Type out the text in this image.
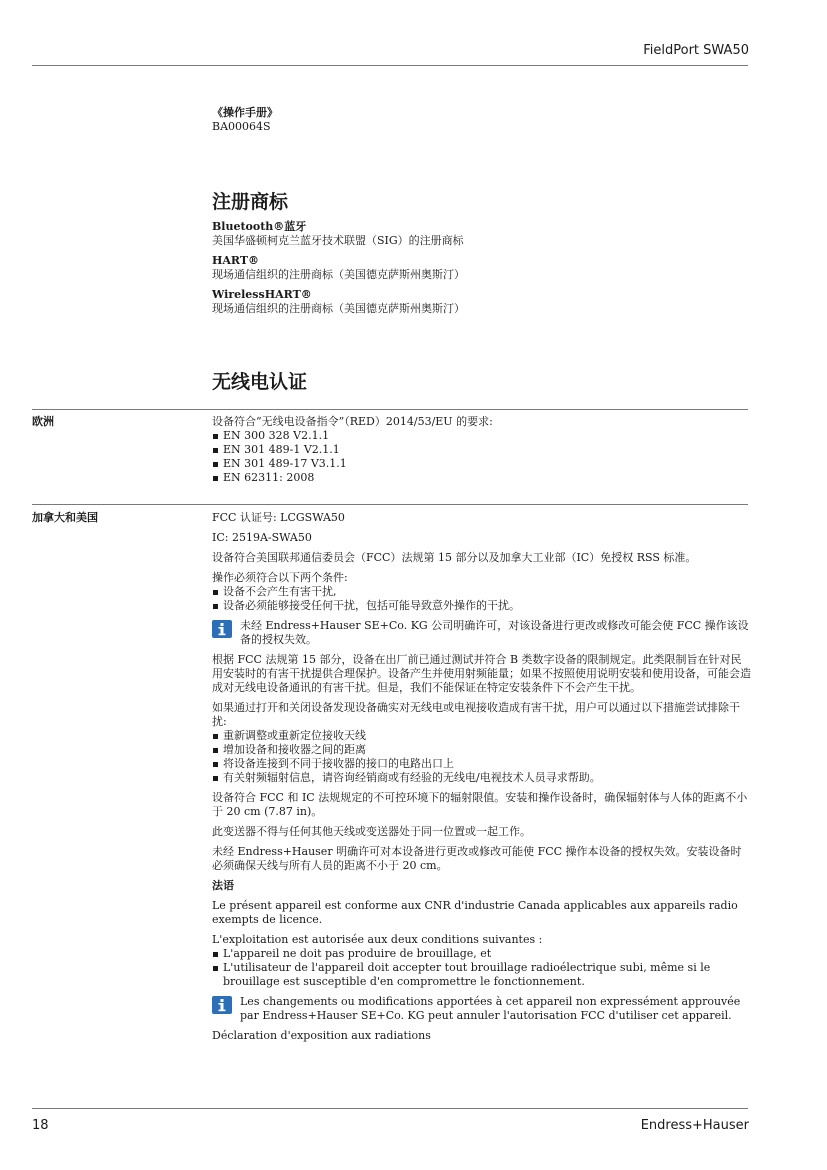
FieldPort SWA50
《操作手册》
BA00064S
注册商标
Bluetooth®蓝牙
美国华盛顿柯克兰蓝牙技术联盟（SIG）的注册商标
HART®
现场通信组织的注册商标（美国德克萨斯州奥斯汀）
WirelessHART®
现场通信组织的注册商标（美国德克萨斯州奥斯汀）
无线电认证
欧洲	设备符合“无线电设备指令”（RED）2014/53/EU 的要求:

EN 300 328 V2.1.1
EN 301 489-1 V2.1.1
EN 301 489-17 V3.1.1
EN 62311: 2008
加拿大和美国	FCC 认证号: LCGSWA50

IC: 2519A-SWA50

设备符合美国联邦通信委员会（FCC）法规第 15 部分以及加拿大工业部（IC）免授权 RSS 标准。

操作必须符合以下两个条件:

设备不会产生有害干扰,
设备必须能够接受任何干扰，包括可能导致意外操作的干扰。

未经 Endress+Hauser SE+Co. KG 公司明确许可，对该设备进行更改或修改可能会使 FCC 操作该设备的授权失效。

根据 FCC 法规第 15 部分，设备在出厂前已通过测试并符合 B 类数字设备的限制规定。此类限制旨在针对民用安装时的有害干扰提供合理保护。设备产生并使用射频能量；如果不按照使用说明安装和使用设备，可能会造成对无线电设备通讯的有害干扰。但是，我们不能保证在特定安装条件下不会产生干扰。

如果通过打开和关闭设备发现设备确实对无线电或电视接收造成有害干扰，用户可以通过以下措施尝试排除干扰:

重新调整或重新定位接收天线
增加设备和接收器之间的距离
将设备连接到不同于接收器的接口的电路出口上
有关射频辐射信息，请咨询经销商或有经验的无线电/电视技术人员寻求帮助。

设备符合 FCC 和 IC 法规规定的不可控环境下的辐射限值。安装和操作设备时，确保辐射体与人体的距离不小于 20 cm (7.87 in)。

此变送器不得与任何其他天线或变送器处于同一位置或一起工作。

未经 Endress+Hauser 明确许可对本设备进行更改或修改可能使 FCC 操作本设备的授权失效。安装设备时必须确保天线与所有人员的距离不小于 20 cm。

法语

Le présent appareil est conforme aux CNR d'industrie Canada applicables aux appareils radio exempts de licence.

L'exploitation est autorisée aux deux conditions suivantes :

L'appareil ne doit pas produire de brouillage, et
L'utilisateur de l'appareil doit accepter tout brouillage radioélectrique subi, même si le brouillage est susceptible d'en compromettre le fonctionnement.

Les changements ou modifications apportées à cet appareil non expressément approuvée par Endress+Hauser SE+Co. KG peut annuler l'autorisation FCC d'utiliser cet appareil.

Déclaration d'exposition aux radiations

18	Endress+Hauser
